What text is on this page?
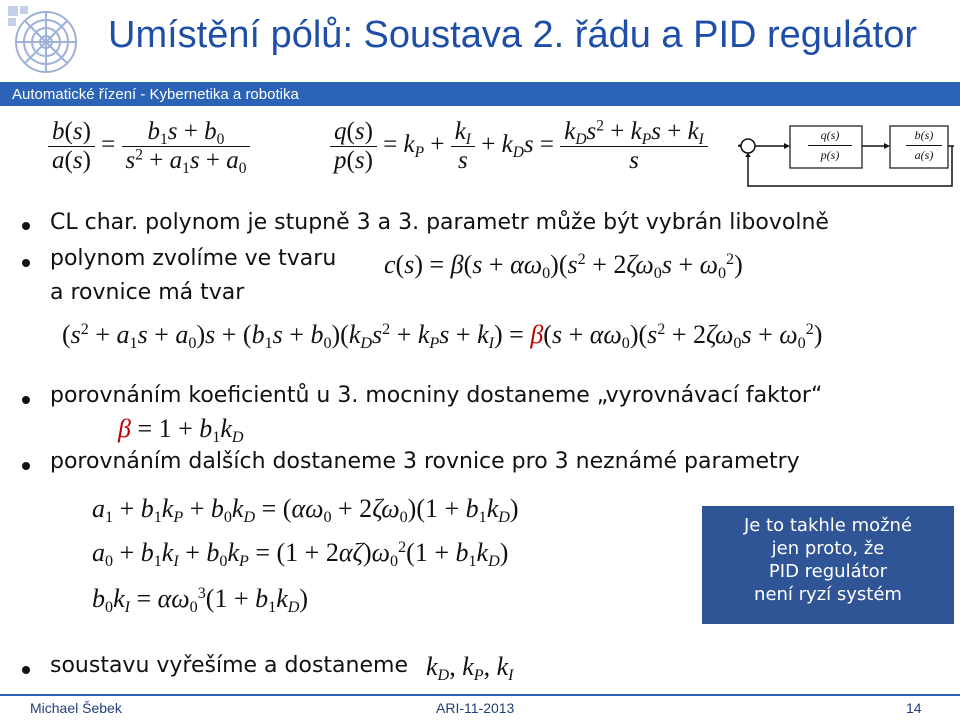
Umístění pólů: Soustava 2. řádu a PID regulátor
Automatické řízení - Kybernetika a robotika
$\frac{b(s)}{a(s)} = \frac{b_1s + b_0}{s^2 + a_1s + a_0}$	$\frac{q(s)}{p(s)} = k_P + \frac{k_I}{s} + k_Ds = \frac{k_Ds^2 + k_Ps + k_I}{s}$	q(s)
p(s)
b(s)
a(s)
-
CL char. polynom je stupně 3 a 3. parametr může být vybrán libovolně
polynom zvolíme ve tvaru
a rovnice má tvar
$c(s) = \beta(s + \alpha\omega_0)(s^2 + 2\zeta\omega_0s + \omega_0^2)$
$(s^2 + a_1s + a_0)s + (b_1s + b_0)(k_Ds^2 + k_Ps + k_I) = \beta(s + \alpha\omega_0)(s^2 + 2\zeta\omega_0s + \omega_0^2)$
porovnáním koeficientů u 3. mocniny dostaneme „vyrovnávací faktor“
$\beta = 1 + b_1k_D$
porovnáním dalších dostaneme 3 rovnice pro 3 neznámé parametry
$a_1 + b_1k_P + b_0k_D = (\alpha\omega_0 + 2\zeta\omega_0)(1 + b_1k_D)$
$a_0 + b_1k_I + b_0k_P = (1 + 2\alpha\zeta)\omega_0^2(1 + b_1k_D)$
$b_0k_I = \alpha\omega_0^3(1 + b_1k_D)$
Je to takhle možné
jen proto, že
PID regulátor
není ryzí systém
soustavu vyřešíme a dostaneme $k_D$, $k_P$, $k_I$
Michael Šebek	ARI-11-2013	14
